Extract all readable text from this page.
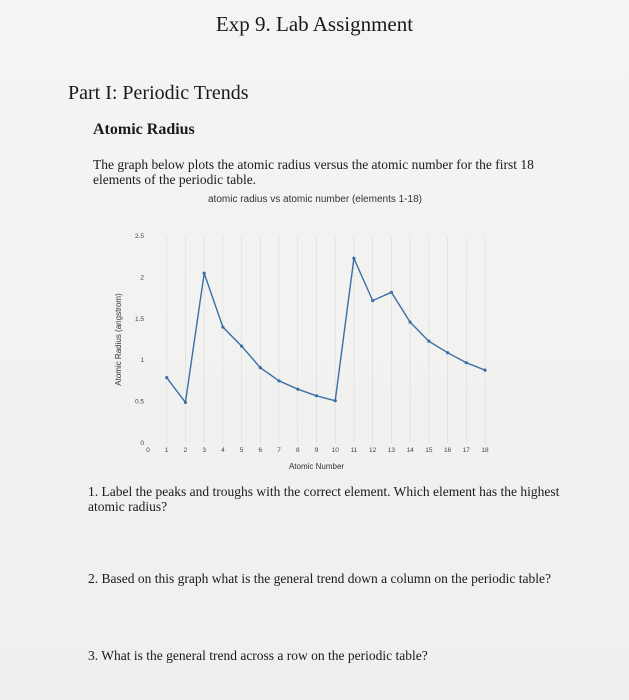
Exp 9. Lab Assignment
Part I: Periodic Trends
Atomic Radius
The graph below plots the atomic radius versus the atomic number for the first 18 elements of the periodic table.
atomic radius vs atomic number (elements 1-18)
Atomic Radius (angstrom)
Atomic Number
0 1 2 3 4 5 6 7 8 9 10 11 12 13 14 15 16 17 18
0
0.5
1
1.5
2
2.5
1. Label the peaks and troughs with the correct element. Which element has the highest atomic radius?
2. Based on this graph what is the general trend down a column on the periodic table?
3. What is the general trend across a row on the periodic table?
